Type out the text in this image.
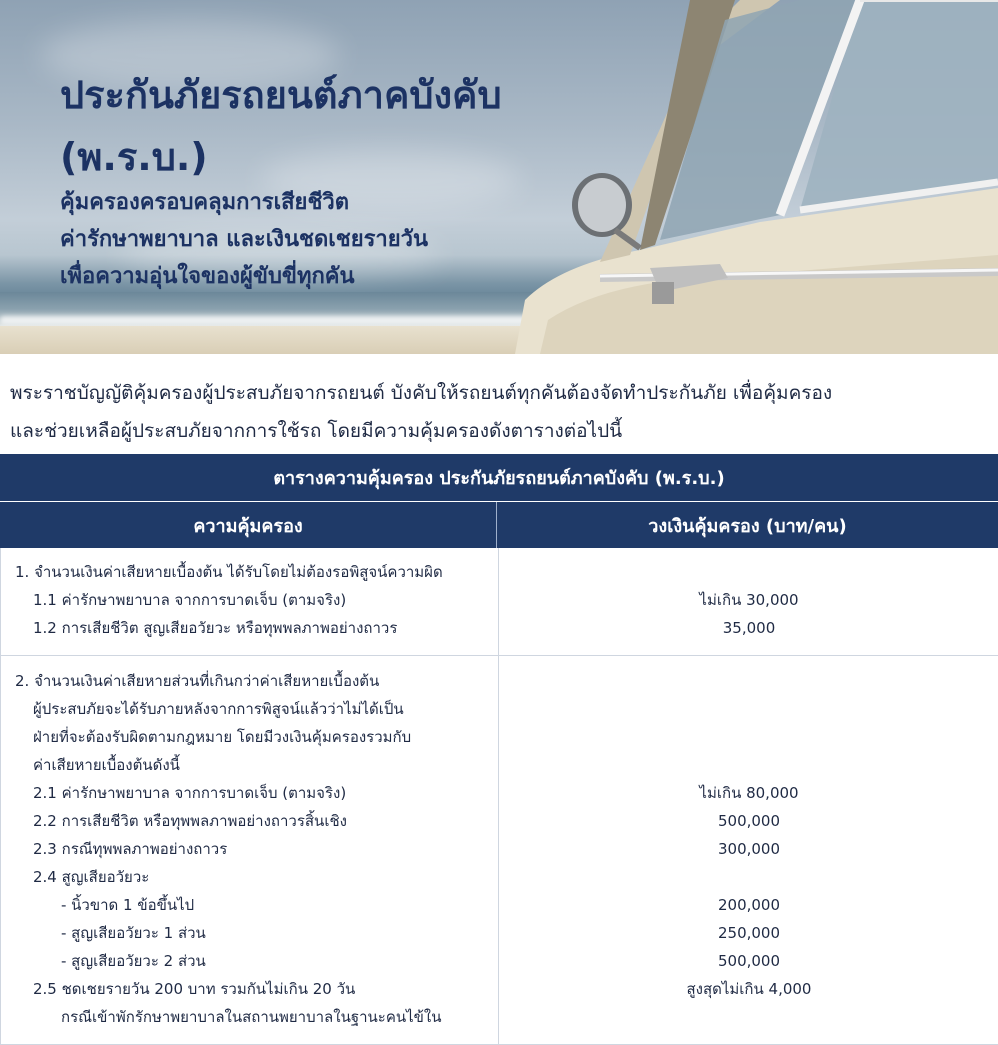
ประกันภัยรถยนต์ภาคบังคับ
(พ.ร.บ.)
คุ้มครองครอบคลุมการเสียชีวิต
ค่ารักษาพยาบาล และเงินชดเชยรายวัน
เพื่อความอุ่นใจของผู้ขับขี่ทุกคัน
พระราชบัญญัติคุ้มครองผู้ประสบภัยจากรถยนต์ บังคับให้รถยนต์ทุกคันต้องจัดทำประกันภัย เพื่อคุ้มครอง
และช่วยเหลือผู้ประสบภัยจากการใช้รถ โดยมีความคุ้มครองดังตารางต่อไปนี้
ตารางความคุ้มครอง ประกันภัยรถยนต์ภาคบังคับ (พ.ร.บ.)
ความคุ้มครอง	วงเงินคุ้มครอง (บาท/คน)
1. จำนวนเงินค่าเสียหายเบื้องต้น ได้รับโดยไม่ต้องรอพิสูจน์ความผิด
1.1 ค่ารักษาพยาบาล จากการบาดเจ็บ (ตามจริง)	ไม่เกิน 30,000
1.2 การเสียชีวิต สูญเสียอวัยวะ หรือทุพพลภาพอย่างถาวร	35,000
2. จำนวนเงินค่าเสียหายส่วนที่เกินกว่าค่าเสียหายเบื้องต้น
ผู้ประสบภัยจะได้รับภายหลังจากการพิสูจน์แล้วว่าไม่ได้เป็น
ฝ่ายที่จะต้องรับผิดตามกฎหมาย โดยมีวงเงินคุ้มครองรวมกับ
ค่าเสียหายเบื้องต้นดังนี้
2.1 ค่ารักษาพยาบาล จากการบาดเจ็บ (ตามจริง)	ไม่เกิน 80,000
2.2 การเสียชีวิต หรือทุพพลภาพอย่างถาวรสิ้นเชิง	500,000
2.3 กรณีทุพพลภาพอย่างถาวร	300,000
2.4 สูญเสียอวัยวะ
- นิ้วขาด 1 ข้อขึ้นไป	200,000
- สูญเสียอวัยวะ 1 ส่วน	250,000
- สูญเสียอวัยวะ 2 ส่วน	500,000
2.5 ชดเชยรายวัน 200 บาท รวมกันไม่เกิน 20 วัน	สูงสุดไม่เกิน 4,000
กรณีเข้าพักรักษาพยาบาลในสถานพยาบาลในฐานะคนไข้ใน
